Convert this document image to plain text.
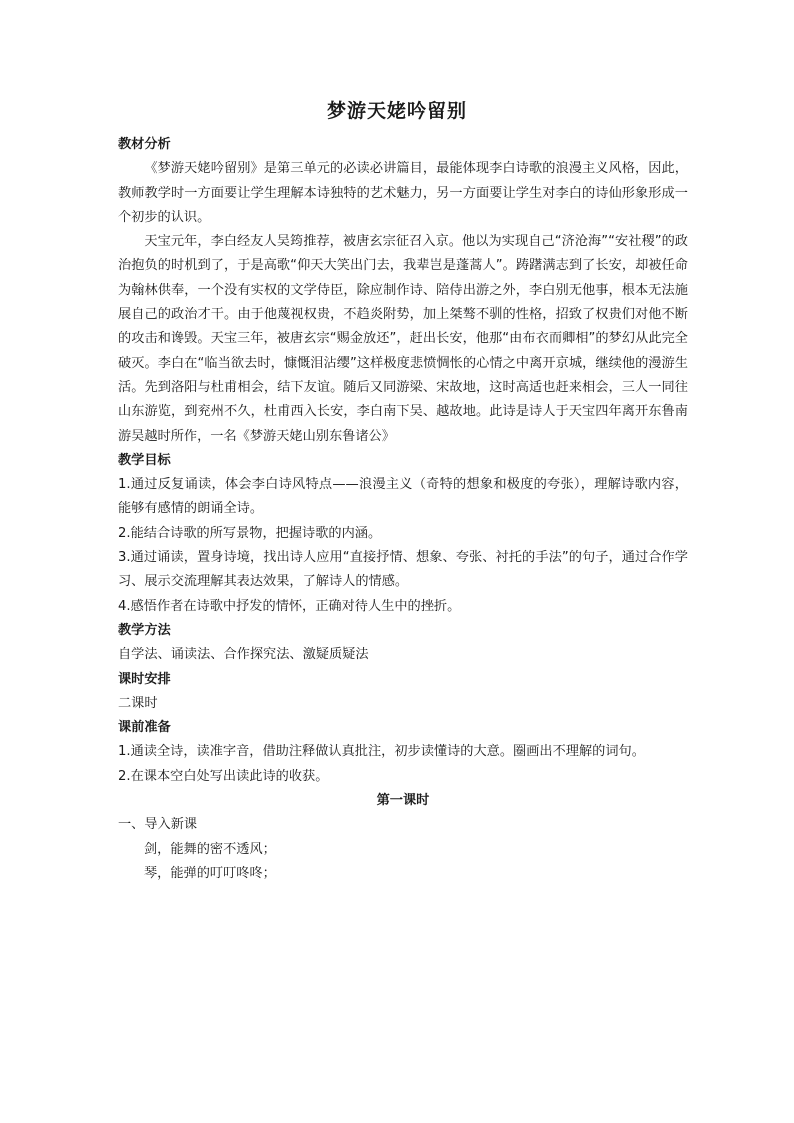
梦游天姥吟留别

教材分析

《梦游天姥吟留别》是第三单元的必读必讲篇目，最能体现李白诗歌的浪漫主义风格，因此，教师教学时一方面要让学生理解本诗独特的艺术魅力，另一方面要让学生对李白的诗仙形象形成一个初步的认识。

天宝元年，李白经友人吴筠推荐，被唐玄宗征召入京。他以为实现自己“济沧海”“安社稷”的政治抱负的时机到了，于是高歌“仰天大笑出门去，我辈岂是蓬蒿人”。踌躇满志到了长安，却被任命为翰林供奉，一个没有实权的文学侍臣，除应制作诗、陪侍出游之外，李白别无他事，根本无法施展自己的政治才干。由于他蔑视权贵，不趋炎附势，加上桀骜不驯的性格，招致了权贵们对他不断的攻击和谗毁。天宝三年，被唐玄宗“赐金放还”，赶出长安，他那“由布衣而卿相”的梦幻从此完全破灭。李白在“临当欲去时，慷慨泪沾缨”这样极度悲愤惆怅的心情之中离开京城，继续他的漫游生活。先到洛阳与杜甫相会，结下友谊。随后又同游梁、宋故地，这时高适也赶来相会，三人一同往山东游览，到兖州不久，杜甫西入长安，李白南下吴、越故地。此诗是诗人于天宝四年离开东鲁南游吴越时所作，一名《梦游天姥山别东鲁诸公》

教学目标

1.通过反复诵读，体会李白诗风特点——浪漫主义（奇特的想象和极度的夸张），理解诗歌内容，能够有感情的朗诵全诗。

2.能结合诗歌的所写景物，把握诗歌的内涵。

3.通过诵读，置身诗境，找出诗人应用“直接抒情、想象、夸张、衬托的手法”的句子，通过合作学习、展示交流理解其表达效果，了解诗人的情感。

4.感悟作者在诗歌中抒发的情怀，正确对待人生中的挫折。

教学方法

自学法、诵读法、合作探究法、激疑质疑法

课时安排

二课时

课前准备

1.通读全诗，读准字音，借助注释做认真批注，初步读懂诗的大意。圈画出不理解的词句。

2.在课本空白处写出读此诗的收获。

第一课时

一、导入新课

剑，能舞的密不透风；

琴，能弹的叮叮咚咚；
